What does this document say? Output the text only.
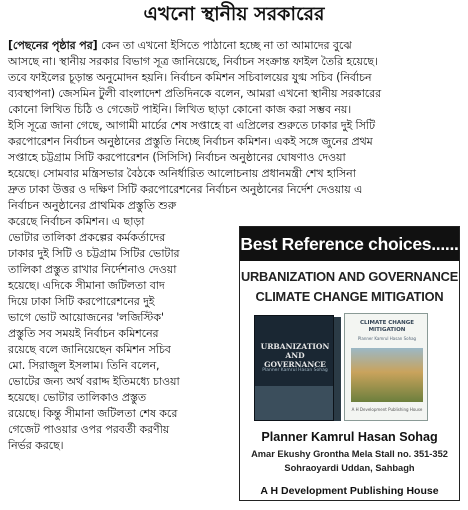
এখনো স্থানীয় সরকারের
[পেছনের পৃষ্ঠার পর] কেন তা এখনো ইসিতে পাঠানো হচ্ছে না তা আমাদের বুঝে
আসছে না। স্থানীয় সরকার বিভাগ সূত্র জানিয়েছে, নির্বাচন সংক্রান্ত ফাইল তৈরি হয়েছে।
তবে ফাইলের চূড়ান্ত অনুমোদন হয়নি। নির্বাচন কমিশন সচিবালয়ের যুগ্ম সচিব (নির্বাচন
ব্যবস্থাপনা) জেসমিন টুলী বাংলাদেশ প্রতিদিনকে বলেন, আমরা এখনো স্থানীয় সরকারের
কোনো লিখিত চিঠি ও গেজেট পাইনি। লিখিত ছাড়া কোনো কাজ করা সম্ভব নয়।
ইসি সূত্রে জানা গেছে, আগামী মার্চের শেষ সপ্তাহে বা এপ্রিলের শুরুতে ঢাকার দুই সিটি
করপোরেশন নির্বাচন অনুষ্ঠানের প্রস্তুতি নিচ্ছে নির্বাচন কমিশন। একই সঙ্গে জুনের প্রথম
সপ্তাহে চট্টগ্রাম সিটি করপোরেশন (সিসিসি) নির্বাচন অনুষ্ঠানের ঘোষণাও দেওয়া
হয়েছে। সোমবার মন্ত্রিসভার বৈঠকে অনির্ধারিত আলোচনায় প্রধানমন্ত্রী শেখ হাসিনা
দ্রুত ঢাকা উত্তর ও দক্ষিণ সিটি করপোরেশনের নির্বাচন অনুষ্ঠানের নির্দেশ দেওয়ায় এ
নির্বাচন অনুষ্ঠানের প্রাথমিক প্রস্তুতি শুরু
করেছে নির্বাচন কমিশন। এ ছাড়া
ভোটার তালিকা প্রকল্পের কর্মকর্তাদের
ঢাকার দুই সিটি ও চট্টগ্রাম সিটির ভোটার
তালিকা প্রস্তুত রাখার নির্দেশনাও দেওয়া
হয়েছে। এদিকে সীমানা জটিলতা বাদ
দিয়ে ঢাকা সিটি করপোরেশনের দুই
ভাগে ভোট আয়োজনের 'লজিস্টিক'
প্রস্তুতি সব সময়ই নির্বাচন কমিশনের
রয়েছে বলে জানিয়েছেন কমিশন সচিব
মো. সিরাজুল ইসলাম। তিনি বলেন,
ভোটের জন্য অর্থ বরাদ্দ ইতিমধ্যে চাওয়া
হয়েছে। ভোটার তালিকাও প্রস্তুত
রয়েছে। কিন্তু সীমানা জটিলতা শেষ করে
গেজেট পাওয়ার ওপর পরবর্তী করণীয়
নির্ভর করছে।
Best Reference choices......
URBANIZATION AND GOVERNANCE
CLIMATE CHANGE MITIGATION
URBANIZATION AND GOVERNANCE
Planner Kamrul Hasan Sohag
CLIMATE CHANGE MITIGATION
Planner Kamrul Hasan Sohag
A H Development Publishing House
Planner Kamrul Hasan Sohag
Amar Ekushy Grontha Mela Stall no. 351-352
Sohraoyardi Uddan, Sahbagh
A H Development Publishing House
